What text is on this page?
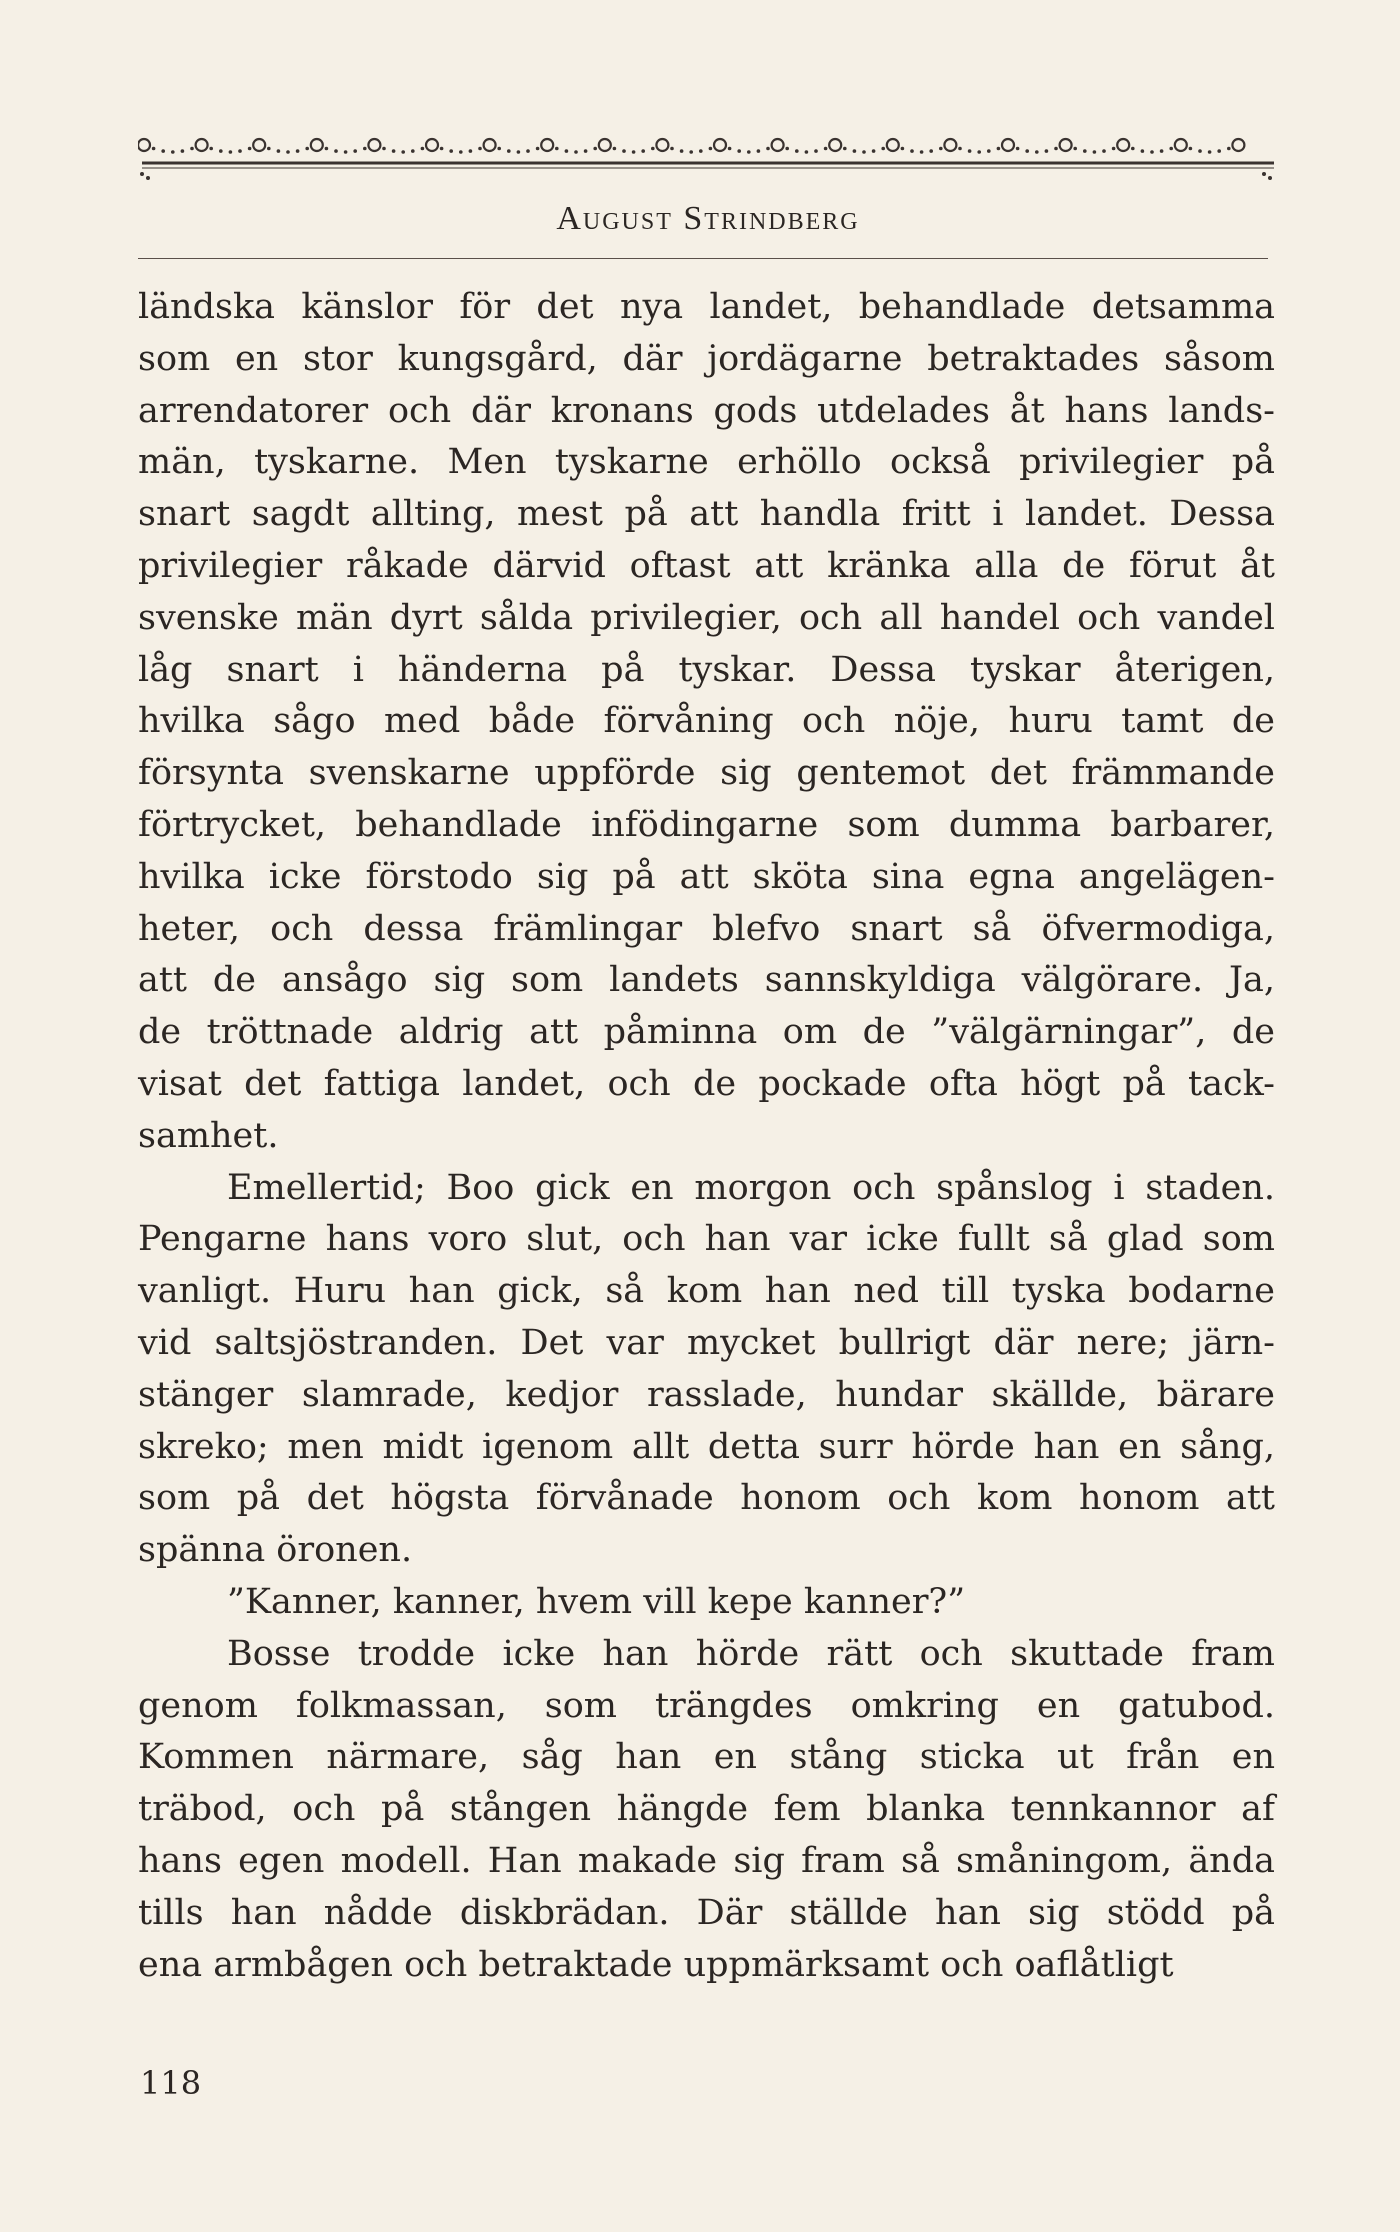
August Strindberg
ländska känslor för det nya landet, behandlade detsamma
som en stor kungsgård, där jordägarne betraktades såsom
arrendatorer och där kronans gods utdelades åt hans lands-
män, tyskarne. Men tyskarne erhöllo också privilegier på
snart sagdt allting, mest på att handla fritt i landet. Dessa
privilegier råkade därvid oftast att kränka alla de förut åt
svenske män dyrt sålda privilegier, och all handel och vandel
låg snart i händerna på tyskar. Dessa tyskar återigen,
hvilka sågo med både förvåning och nöje, huru tamt de
försynta svenskarne uppförde sig gentemot det främmande
förtrycket, behandlade infödingarne som dumma barbarer,
hvilka icke förstodo sig på att sköta sina egna angelägen-
heter, och dessa främlingar blefvo snart så öfvermodiga,
att de ansågo sig som landets sannskyldiga välgörare. Ja,
de tröttnade aldrig att påminna om de ”välgärningar”, de
visat det fattiga landet, och de pockade ofta högt på tack-
samhet.
Emellertid; Boo gick en morgon och spånslog i staden.
Pengarne hans voro slut, och han var icke fullt så glad som
vanligt. Huru han gick, så kom han ned till tyska bodarne
vid saltsjöstranden. Det var mycket bullrigt där nere; järn-
stänger slamrade, kedjor rasslade, hundar skällde, bärare
skreko; men midt igenom allt detta surr hörde han en sång,
som på det högsta förvånade honom och kom honom att
spänna öronen.
”Kanner, kanner, hvem vill kepe kanner?”
Bosse trodde icke han hörde rätt och skuttade fram
genom folkmassan, som trängdes omkring en gatubod.
Kommen närmare, såg han en stång sticka ut från en
träbod, och på stången hängde fem blanka tennkannor af
hans egen modell. Han makade sig fram så småningom, ända
tills han nådde diskbrädan. Där ställde han sig stödd på
ena armbågen och betraktade uppmärksamt och oaflåtligt
118
